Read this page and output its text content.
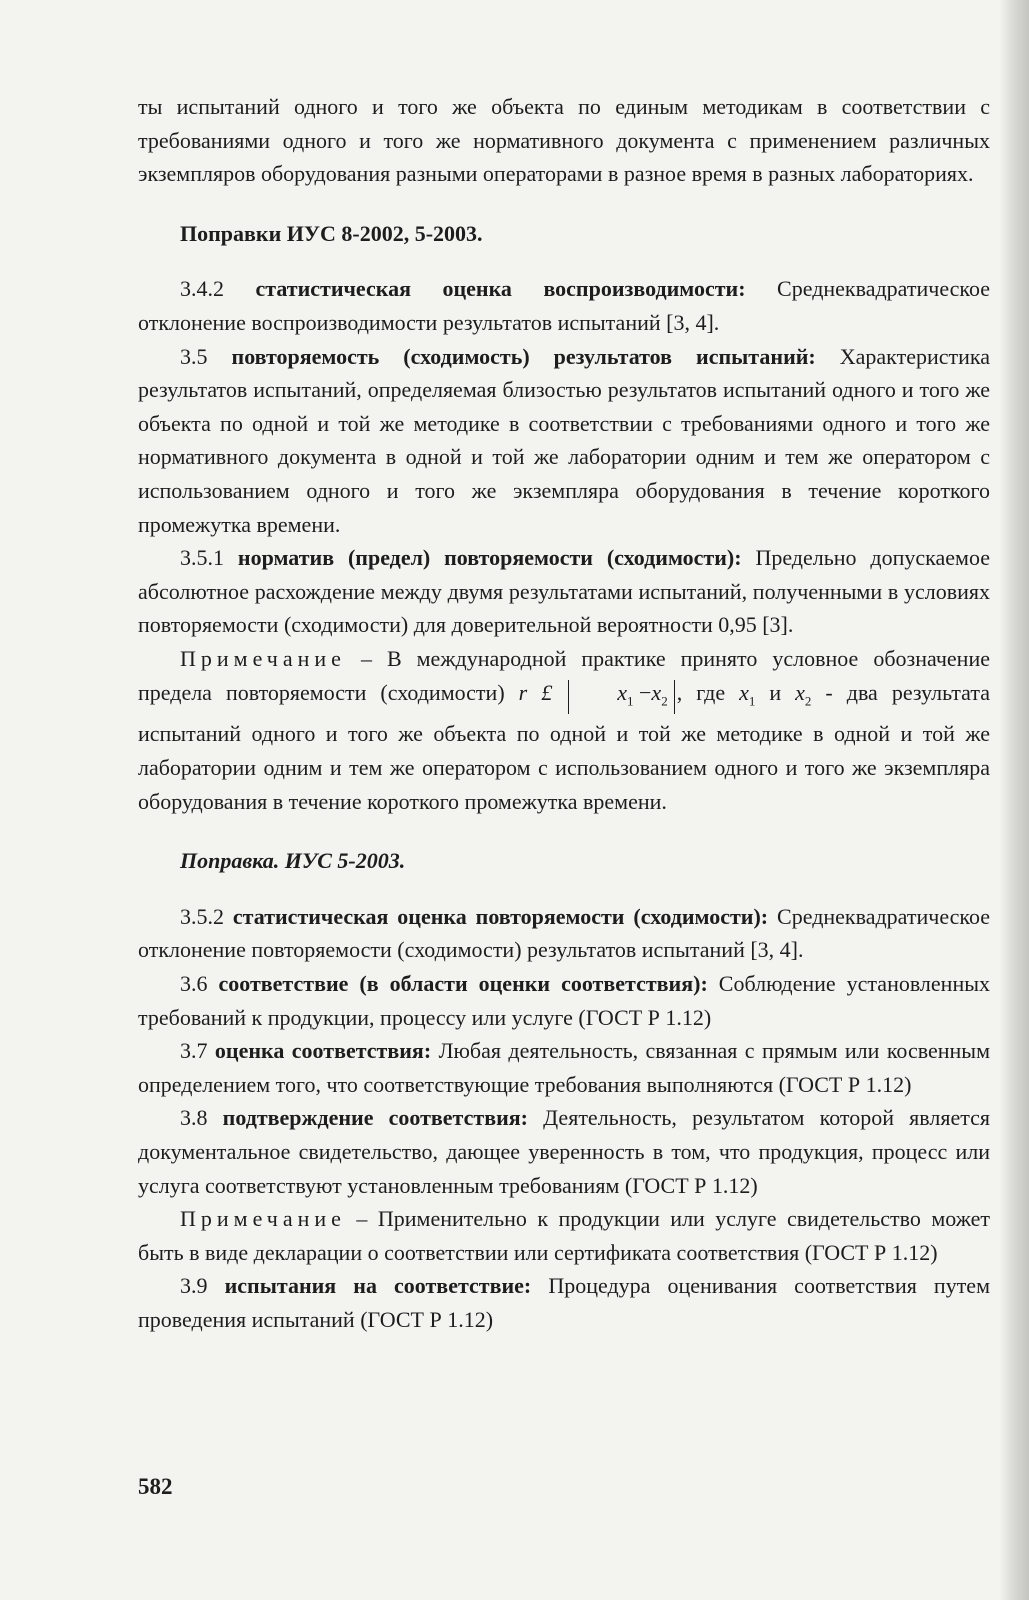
ты испытаний одного и того же объекта по единым методикам в соответствии с требованиями одного и того же нормативного документа с применением различных экземпляров оборудования разными операторами в разное время в разных лабораториях.

Поправки ИУС 8-2002, 5-2003.

3.4.2 статистическая оценка воспроизводимости: Среднеквадратическое отклонение воспроизводимости результатов испытаний [3, 4].

3.5 повторяемость (сходимость) результатов испытаний: Характеристика результатов испытаний, определяемая близостью результатов испытаний одного и того же объекта по одной и той же методике в соответствии с требованиями одного и того же нормативного документа в одной и той же лаборатории одним и тем же оператором с использованием одного и того же экземпляра оборудования в течение короткого промежутка времени.

3.5.1 норматив (предел) повторяемости (сходимости): Предельно допускаемое абсолютное расхождение между двумя результатами испытаний, полученными в условиях повторяемости (сходимости) для доверительной вероятности 0,95 [3].

Примечание – В международной практике принято условное обозначение предела повторяемости (сходимости) r £ $x_1 -x_2$ , где $x_1$ и $x_2$ - два результата испытаний одного и того же объекта по одной и той же методике в одной и той же лаборатории одним и тем же оператором с использованием одного и того же экземпляра оборудования в течение короткого промежутка времени.

Поправка. ИУС 5-2003.

3.5.2 статистическая оценка повторяемости (сходимости): Среднеквадратическое отклонение повторяемости (сходимости) результатов испытаний [3, 4].

3.6 соответствие (в области оценки соответствия): Соблюдение установленных требований к продукции, процессу или услуге (ГОСТ Р 1.12)

3.7 оценка соответствия: Любая деятельность, связанная с прямым или косвенным определением того, что соответствующие требования выполняются (ГОСТ Р 1.12)

3.8 подтверждение соответствия: Деятельность, результатом которой является документальное свидетельство, дающее уверенность в том, что продукция, процесс или услуга соответствуют установленным требованиям (ГОСТ Р 1.12)

Примечание – Применительно к продукции или услуге свидетельство может быть в виде декларации о соответствии или сертификата соответствия (ГОСТ Р 1.12)

3.9 испытания на соответствие: Процедура оценивания соответствия путем проведения испытаний (ГОСТ Р 1.12)

582
